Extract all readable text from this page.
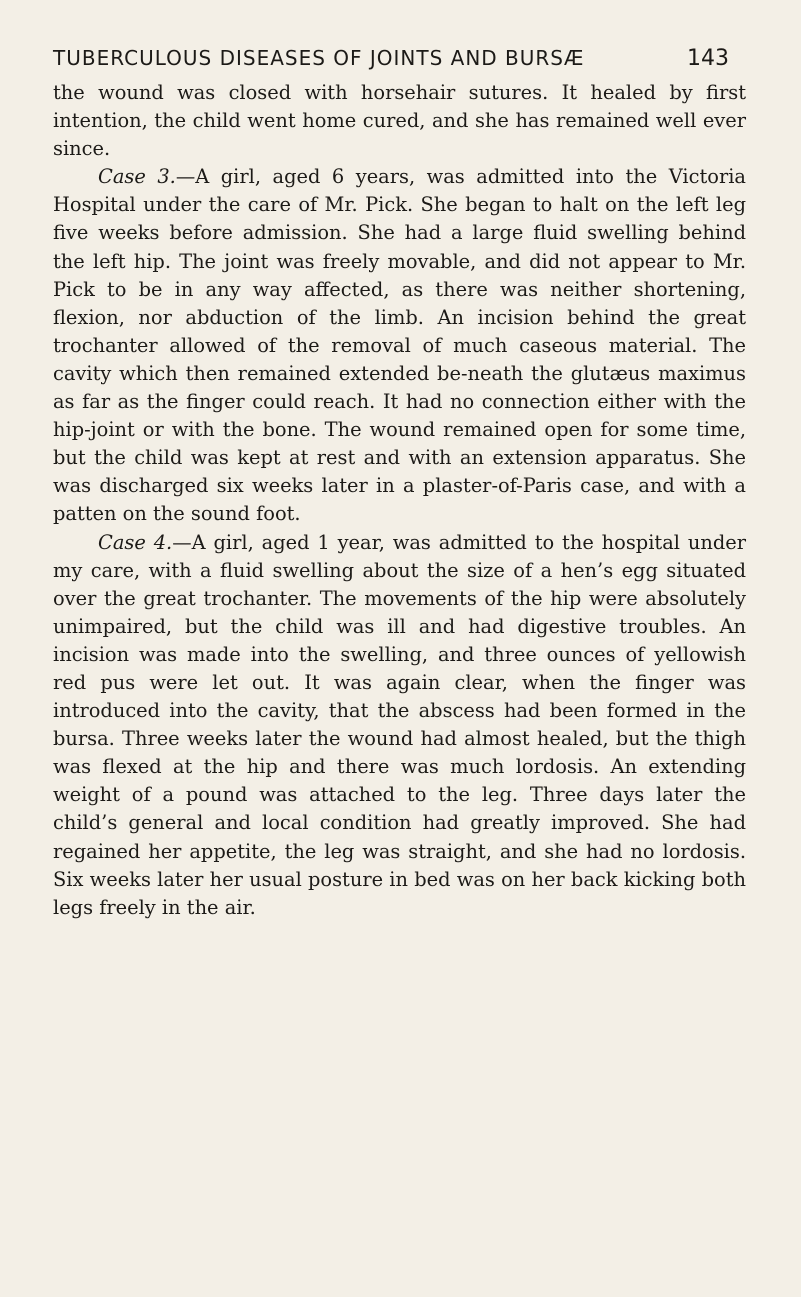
TUBERCULOUS DISEASES OF JOINTS AND BURSÆ	143

the wound was closed with horsehair sutures. It healed by first intention, the child went home cured, and she has remained well ever since.

Case 3.—A girl, aged 6 years, was admitted into the Victoria Hospital under the care of Mr. Pick. She began to halt on the left leg five weeks before admission. She had a large fluid swelling behind the left hip. The joint was freely movable, and did not appear to Mr. Pick to be in any way affected, as there was neither shortening, flexion, nor abduction of the limb. An incision behind the great trochanter allowed of the removal of much caseous material. The cavity which then remained extended be-neath the glutæus maximus as far as the finger could reach. It had no connection either with the hip-joint or with the bone. The wound remained open for some time, but the child was kept at rest and with an extension apparatus. She was discharged six weeks later in a plaster-of-Paris case, and with a patten on the sound foot.

Case 4.—A girl, aged 1 year, was admitted to the hospital under my care, with a fluid swelling about the size of a hen’s egg situated over the great trochanter. The movements of the hip were absolutely unimpaired, but the child was ill and had digestive troubles. An incision was made into the swelling, and three ounces of yellowish red pus were let out. It was again clear, when the finger was introduced into the cavity, that the abscess had been formed in the bursa. Three weeks later the wound had almost healed, but the thigh was flexed at the hip and there was much lordosis. An extending weight of a pound was attached to the leg. Three days later the child’s general and local condition had greatly improved. She had regained her appetite, the leg was straight, and she had no lordosis. Six weeks later her usual posture in bed was on her back kicking both legs freely in the air.
